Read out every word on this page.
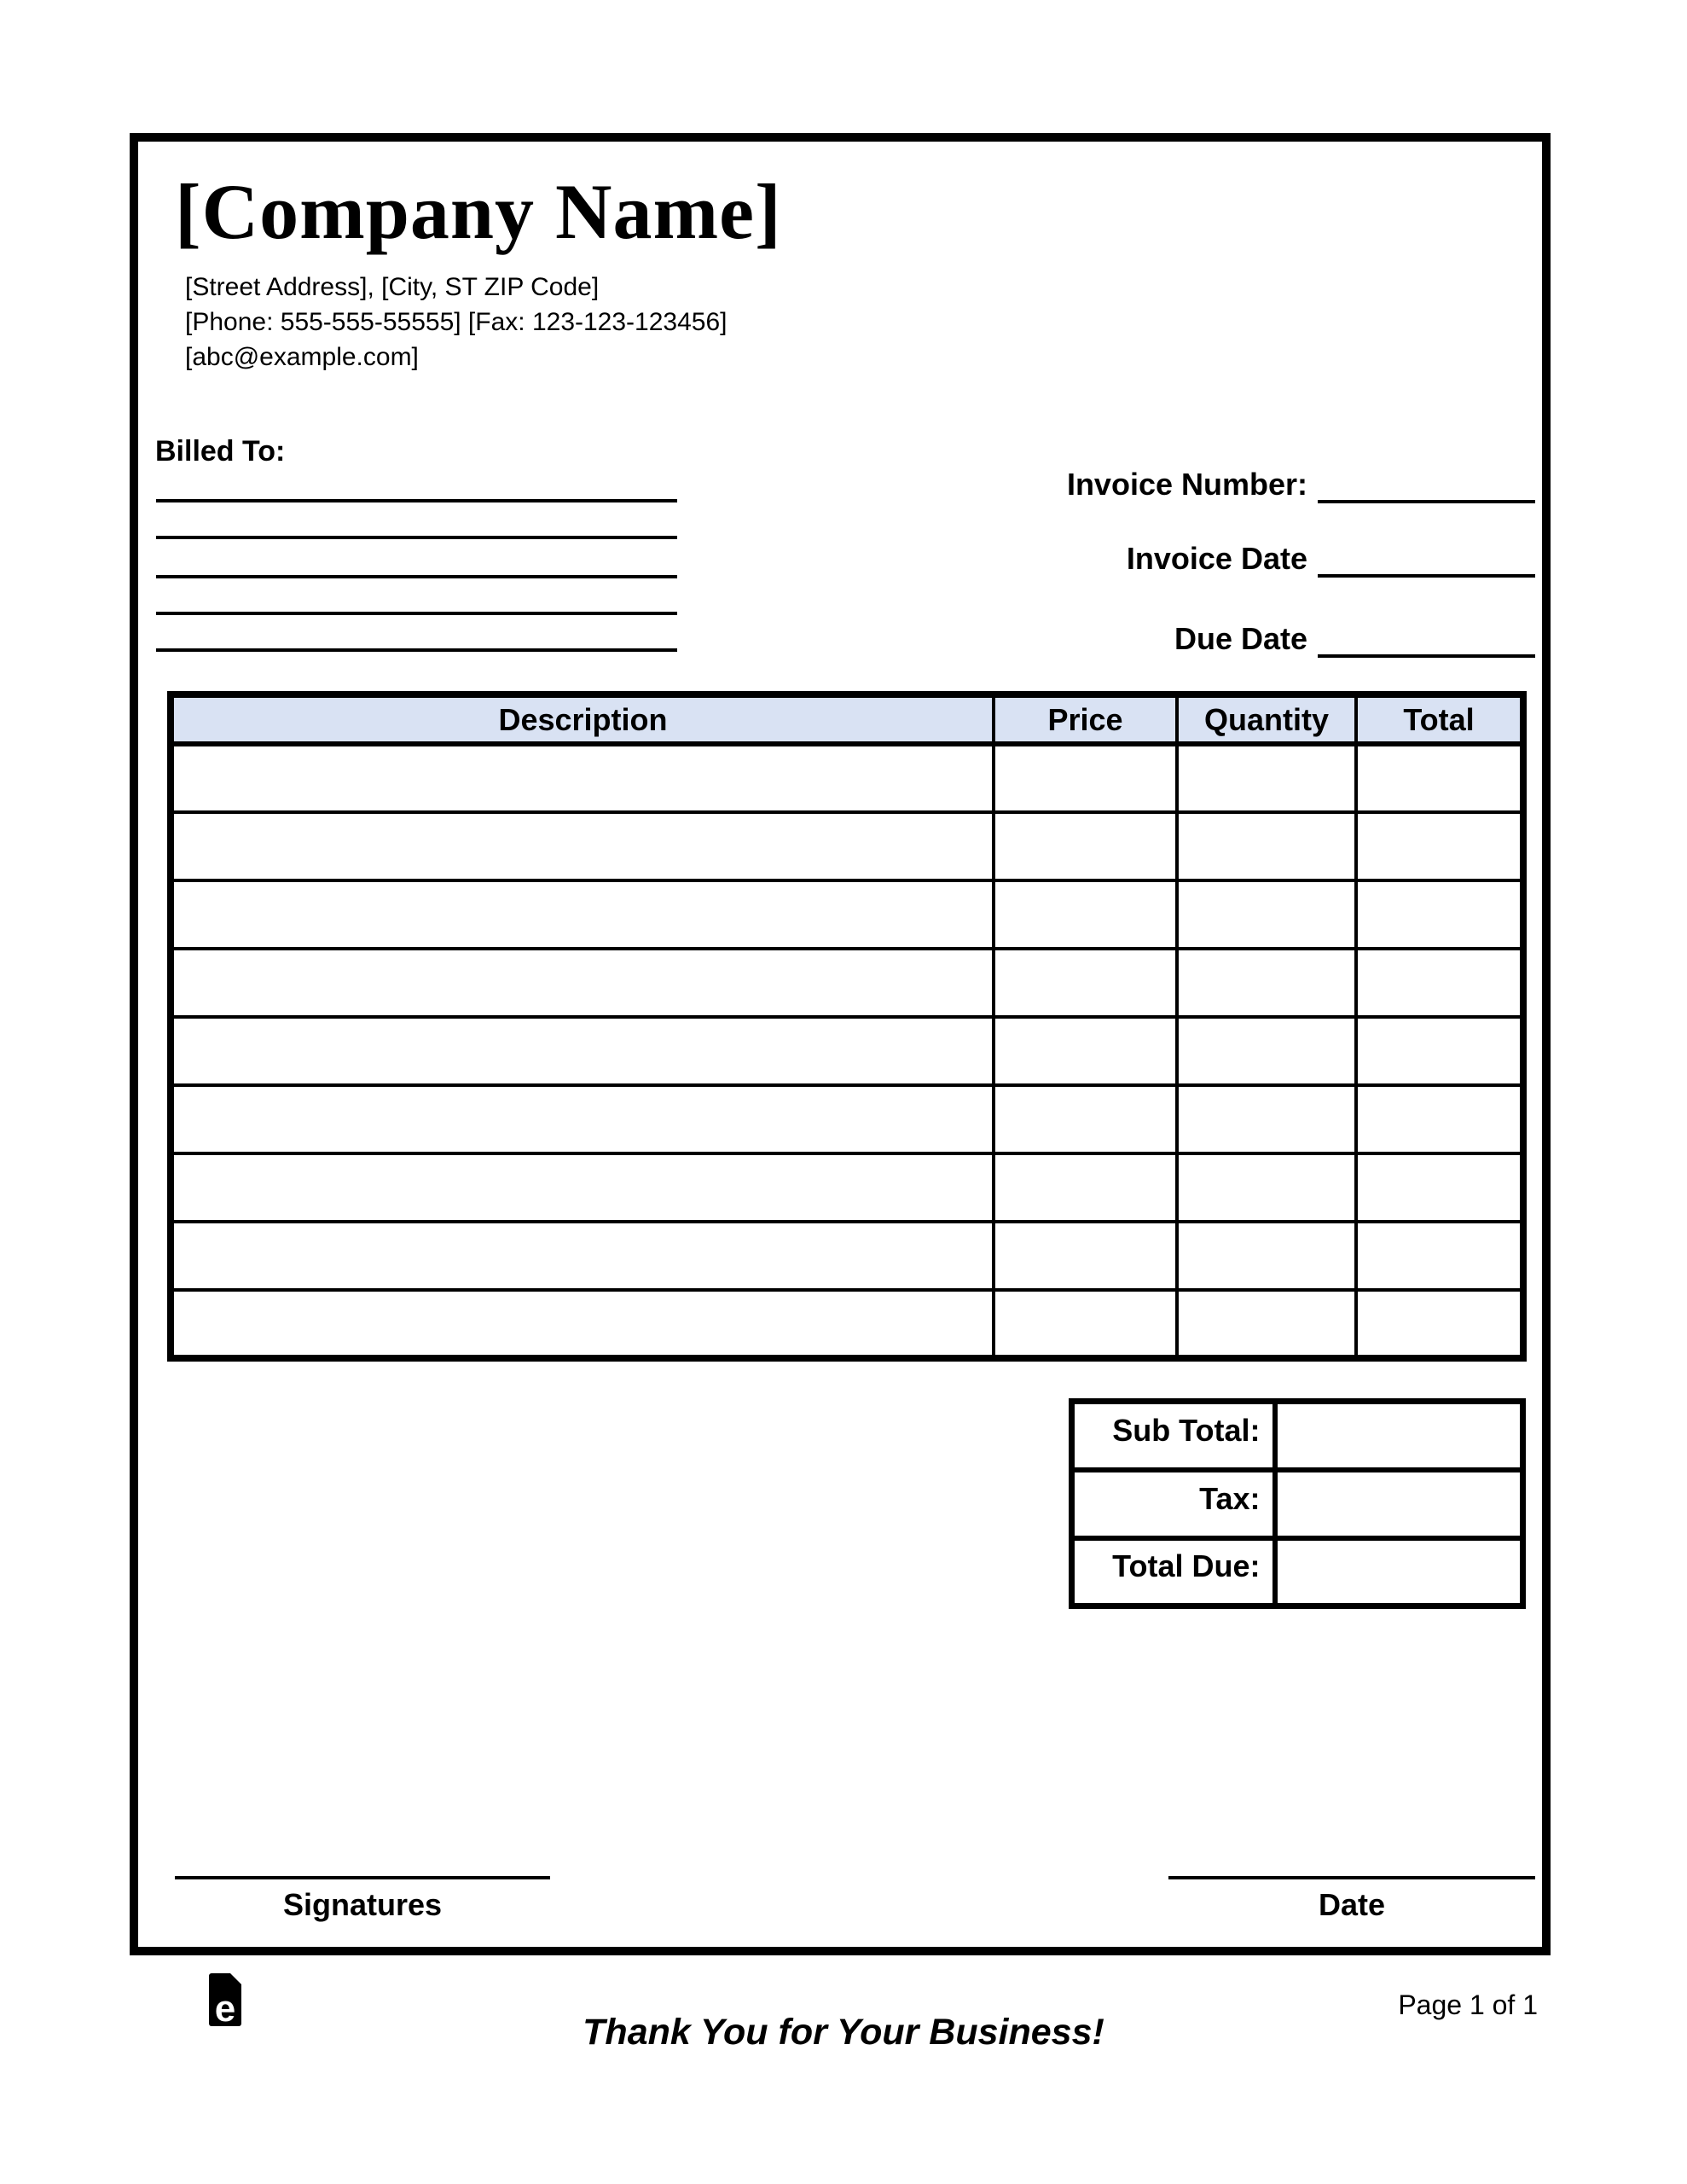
[Company Name]
[Street Address], [City, ST ZIP Code]
[Phone: 555-555-55555] [Fax: 123-123-123456]
[abc@example.com]
Billed To:
Invoice Number:
Invoice Date
Due Date
Description	Price	Quantity	Total

Sub Total:	
Tax:	
Total Due:	
Signatures	Date
e
Thank You for Your Business!
Page 1 of 1
